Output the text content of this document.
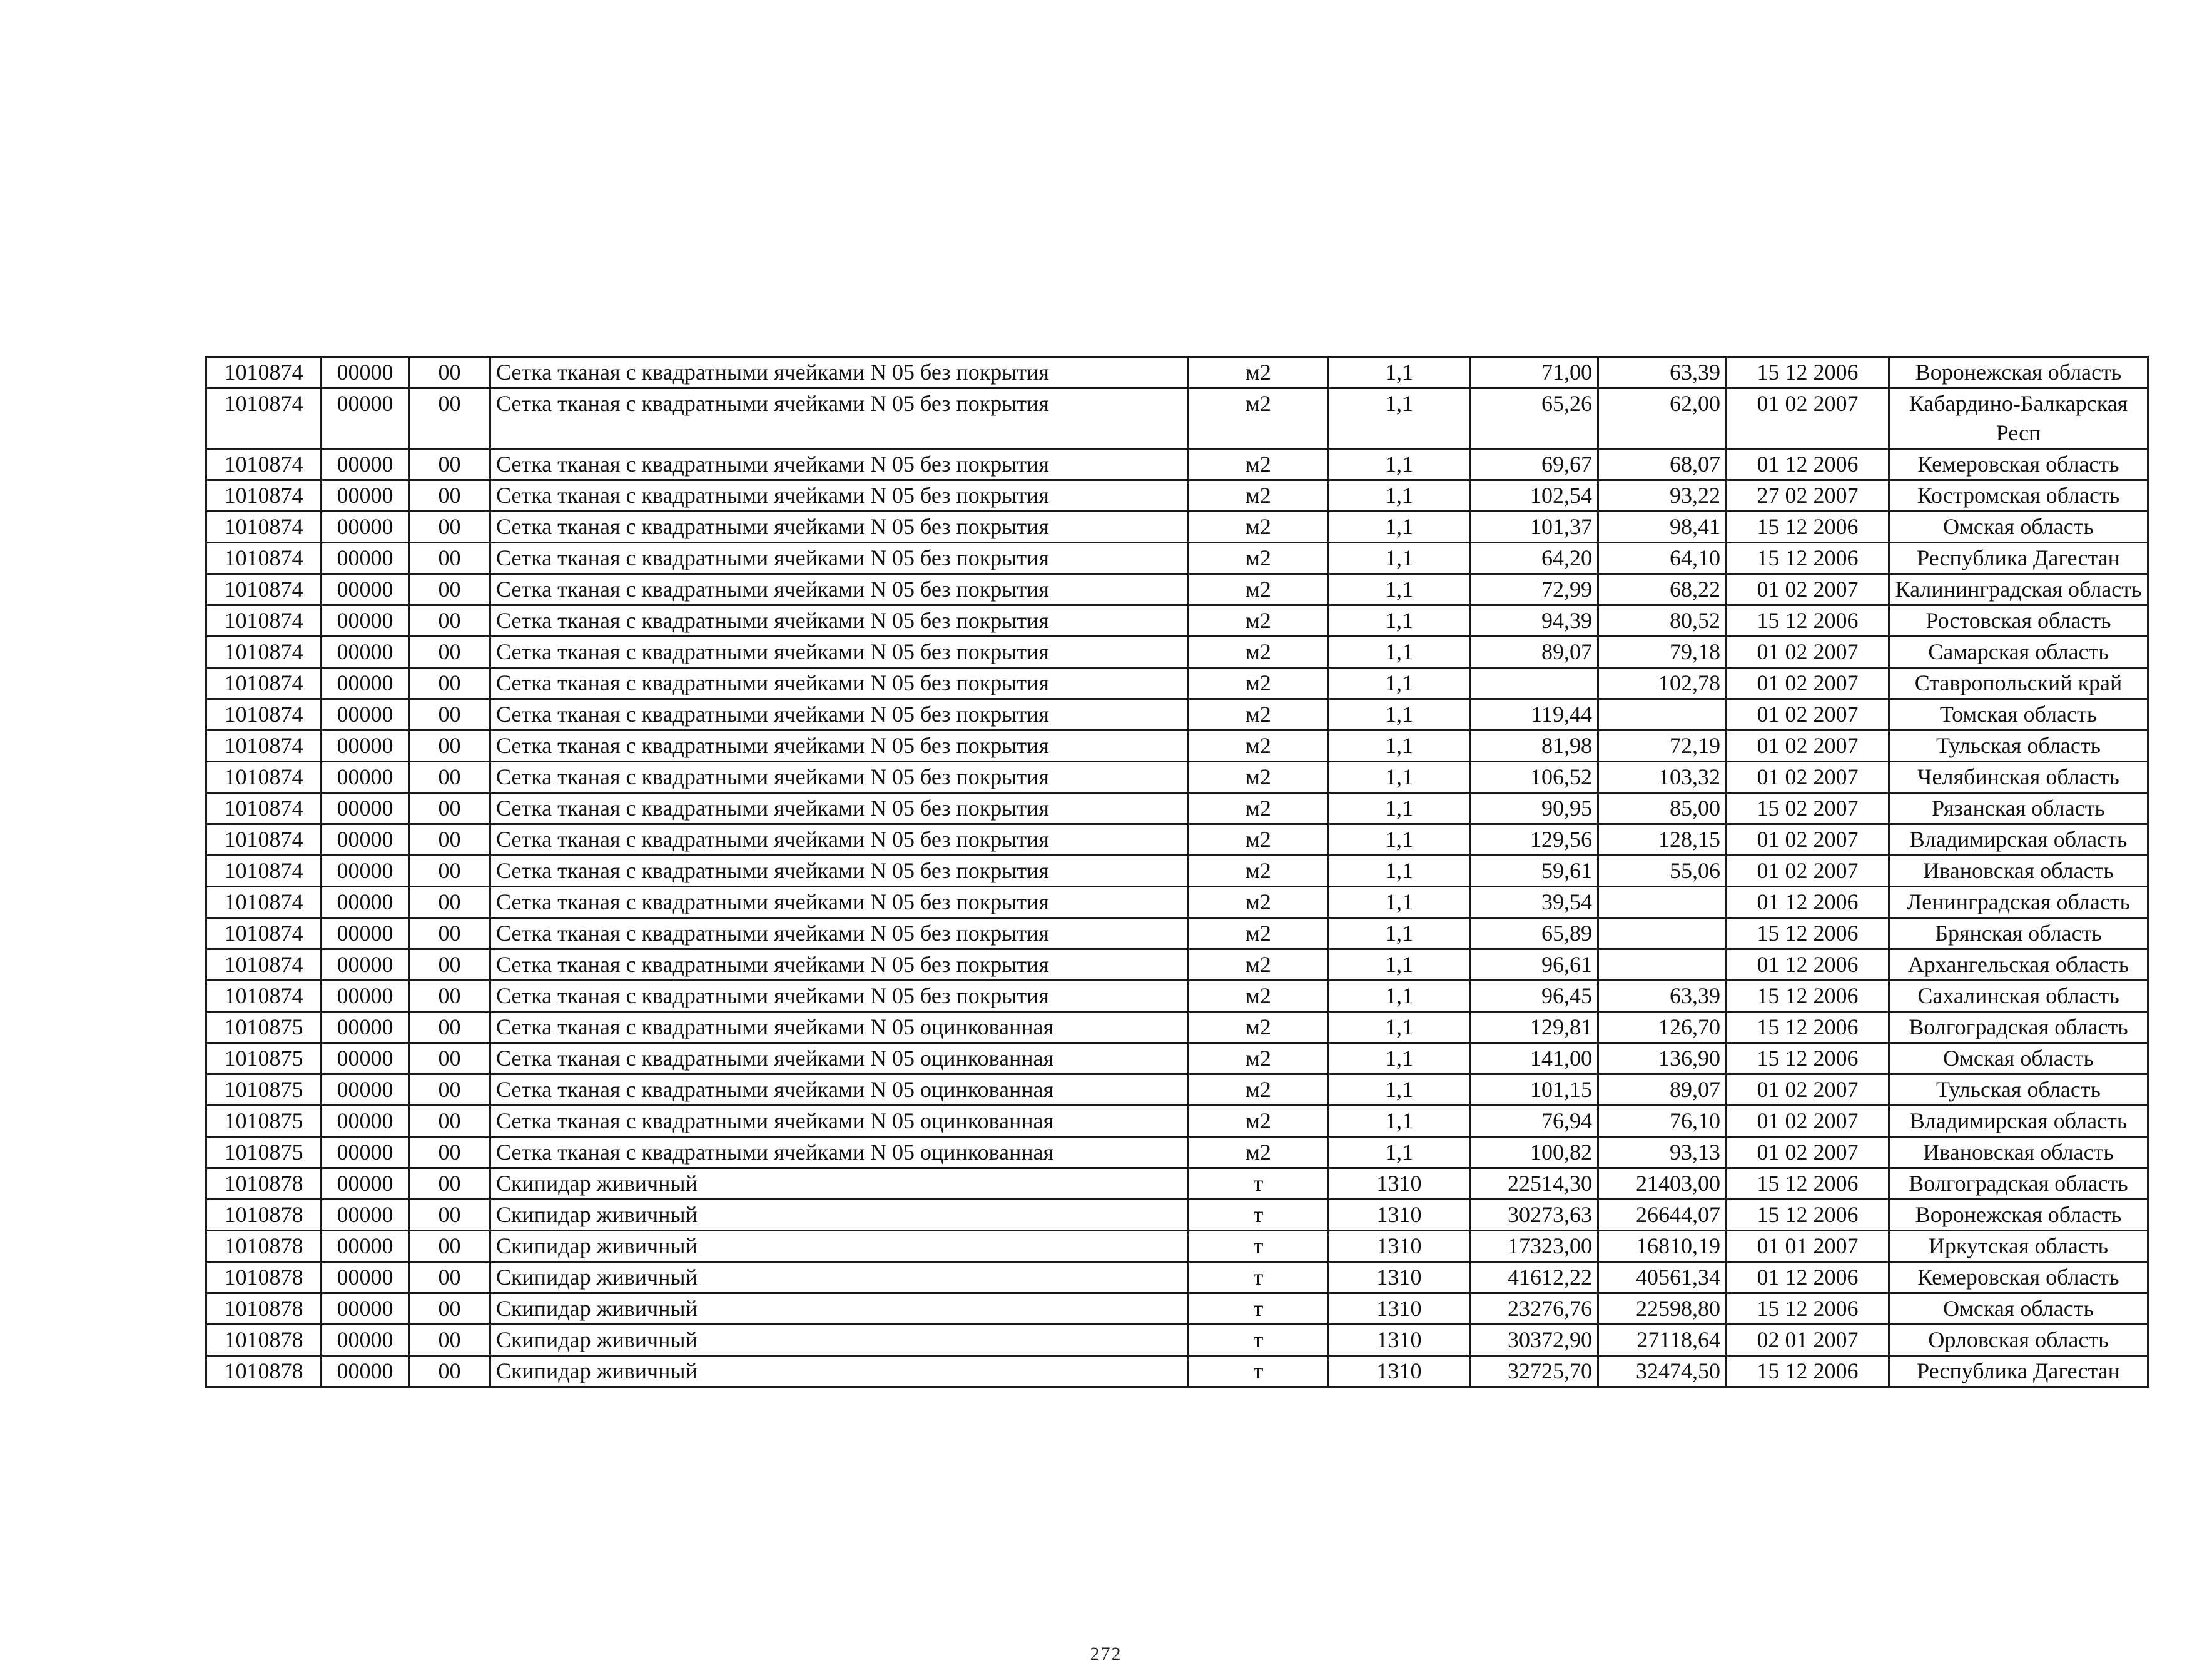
1010874	00000	00	Сетка тканая с квадратными ячейками N 05 без покрытия	м2	1,1	71,00	63,39	15 12 2006	Воронежская область
1010874	00000	00	Сетка тканая с квадратными ячейками N 05 без покрытия	м2	1,1	65,26	62,00	01 02 2007	Кабардино-Балкарская Респ
1010874	00000	00	Сетка тканая с квадратными ячейками N 05 без покрытия	м2	1,1	69,67	68,07	01 12 2006	Кемеровская область
1010874	00000	00	Сетка тканая с квадратными ячейками N 05 без покрытия	м2	1,1	102,54	93,22	27 02 2007	Костромская область
1010874	00000	00	Сетка тканая с квадратными ячейками N 05 без покрытия	м2	1,1	101,37	98,41	15 12 2006	Омская область
1010874	00000	00	Сетка тканая с квадратными ячейками N 05 без покрытия	м2	1,1	64,20	64,10	15 12 2006	Республика Дагестан
1010874	00000	00	Сетка тканая с квадратными ячейками N 05 без покрытия	м2	1,1	72,99	68,22	01 02 2007	Калининградская область
1010874	00000	00	Сетка тканая с квадратными ячейками N 05 без покрытия	м2	1,1	94,39	80,52	15 12 2006	Ростовская область
1010874	00000	00	Сетка тканая с квадратными ячейками N 05 без покрытия	м2	1,1	89,07	79,18	01 02 2007	Самарская область
1010874	00000	00	Сетка тканая с квадратными ячейками N 05 без покрытия	м2	1,1		102,78	01 02 2007	Ставропольский край
1010874	00000	00	Сетка тканая с квадратными ячейками N 05 без покрытия	м2	1,1	119,44		01 02 2007	Томская область
1010874	00000	00	Сетка тканая с квадратными ячейками N 05 без покрытия	м2	1,1	81,98	72,19	01 02 2007	Тульская область
1010874	00000	00	Сетка тканая с квадратными ячейками N 05 без покрытия	м2	1,1	106,52	103,32	01 02 2007	Челябинская область
1010874	00000	00	Сетка тканая с квадратными ячейками N 05 без покрытия	м2	1,1	90,95	85,00	15 02 2007	Рязанская область
1010874	00000	00	Сетка тканая с квадратными ячейками N 05 без покрытия	м2	1,1	129,56	128,15	01 02 2007	Владимирская область
1010874	00000	00	Сетка тканая с квадратными ячейками N 05 без покрытия	м2	1,1	59,61	55,06	01 02 2007	Ивановская область
1010874	00000	00	Сетка тканая с квадратными ячейками N 05 без покрытия	м2	1,1	39,54		01 12 2006	Ленинградская область
1010874	00000	00	Сетка тканая с квадратными ячейками N 05 без покрытия	м2	1,1	65,89		15 12 2006	Брянская область
1010874	00000	00	Сетка тканая с квадратными ячейками N 05 без покрытия	м2	1,1	96,61		01 12 2006	Архангельская область
1010874	00000	00	Сетка тканая с квадратными ячейками N 05 без покрытия	м2	1,1	96,45	63,39	15 12 2006	Сахалинская область
1010875	00000	00	Сетка тканая с квадратными ячейками N 05 оцинкованная	м2	1,1	129,81	126,70	15 12 2006	Волгоградская область
1010875	00000	00	Сетка тканая с квадратными ячейками N 05 оцинкованная	м2	1,1	141,00	136,90	15 12 2006	Омская область
1010875	00000	00	Сетка тканая с квадратными ячейками N 05 оцинкованная	м2	1,1	101,15	89,07	01 02 2007	Тульская область
1010875	00000	00	Сетка тканая с квадратными ячейками N 05 оцинкованная	м2	1,1	76,94	76,10	01 02 2007	Владимирская область
1010875	00000	00	Сетка тканая с квадратными ячейками N 05 оцинкованная	м2	1,1	100,82	93,13	01 02 2007	Ивановская область
1010878	00000	00	Скипидар живичный	т	1310	22514,30	21403,00	15 12 2006	Волгоградская область
1010878	00000	00	Скипидар живичный	т	1310	30273,63	26644,07	15 12 2006	Воронежская область
1010878	00000	00	Скипидар живичный	т	1310	17323,00	16810,19	01 01 2007	Иркутская область
1010878	00000	00	Скипидар живичный	т	1310	41612,22	40561,34	01 12 2006	Кемеровская область
1010878	00000	00	Скипидар живичный	т	1310	23276,76	22598,80	15 12 2006	Омская область
1010878	00000	00	Скипидар живичный	т	1310	30372,90	27118,64	02 01 2007	Орловская область
1010878	00000	00	Скипидар живичный	т	1310	32725,70	32474,50	15 12 2006	Республика Дагестан
272
